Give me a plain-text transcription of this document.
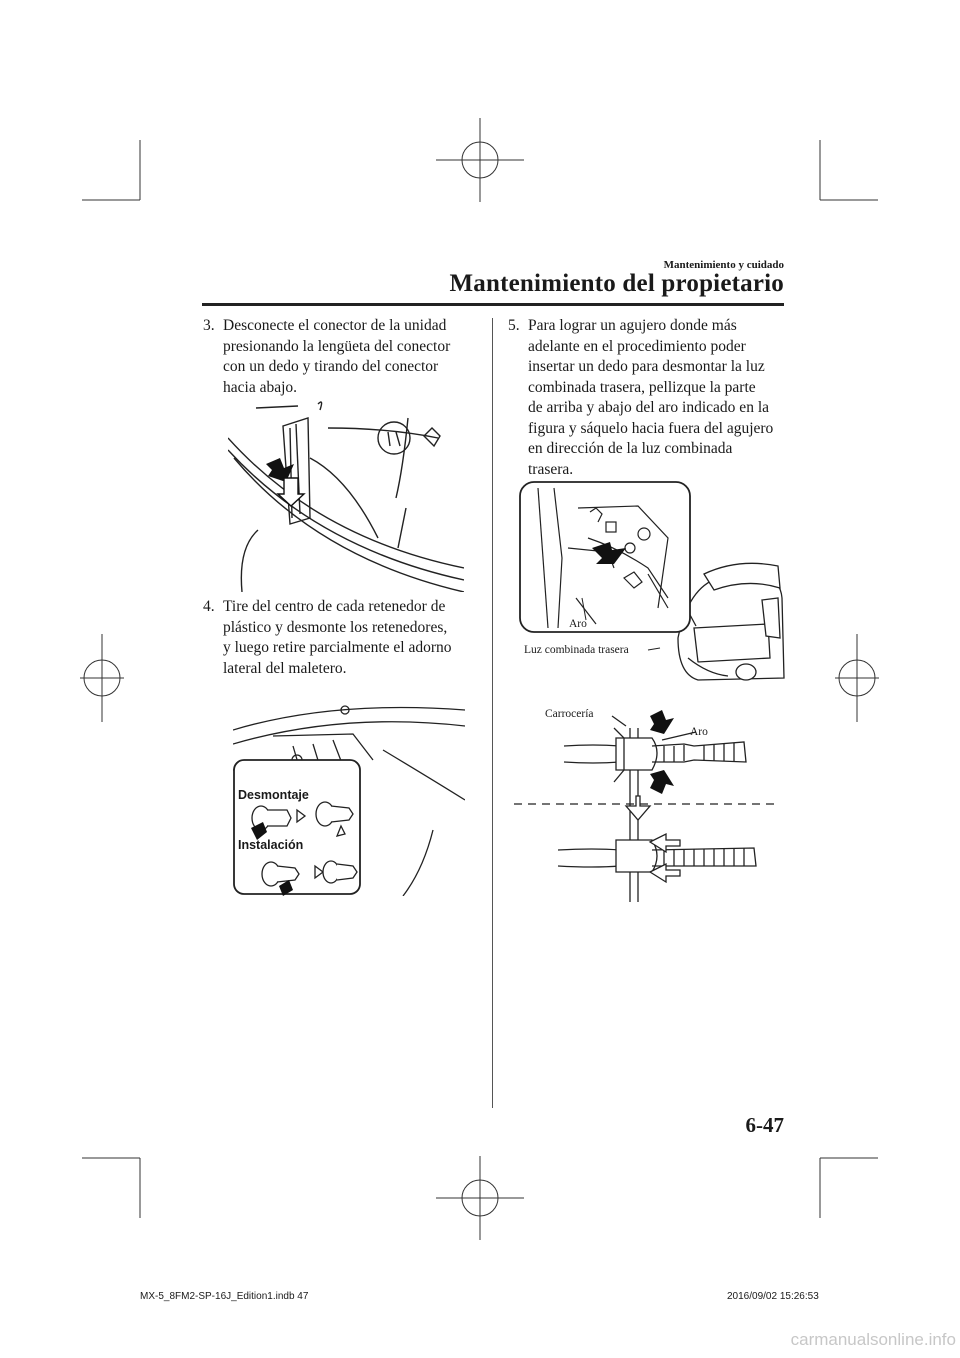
Mantenimiento y cuidado
Mantenimiento del propietario
3. Desconecte el conector de la unidad
presionando la lengüeta del conector
con un dedo y tirando del conector
hacia abajo.
4. Tire del centro de cada retenedor de
plástico y desmonte los retenedores,
y luego retire parcialmente el adorno
lateral del maletero.
Desmontaje
Instalación
5. Para lograr un agujero donde más
adelante en el procedimiento poder
insertar un dedo para desmontar la luz
combinada trasera, pellizque la parte
de arriba y abajo del aro indicado en la
figura y sáquelo hacia fuera del agujero
en dirección de la luz combinada
trasera.
Aro
Luz combinada trasera
Carrocería
Aro
6-47
MX-5_8FM2-SP-16J_Edition1.indb 47	2016/09/02 15:26:53
carmanualsonline.info
